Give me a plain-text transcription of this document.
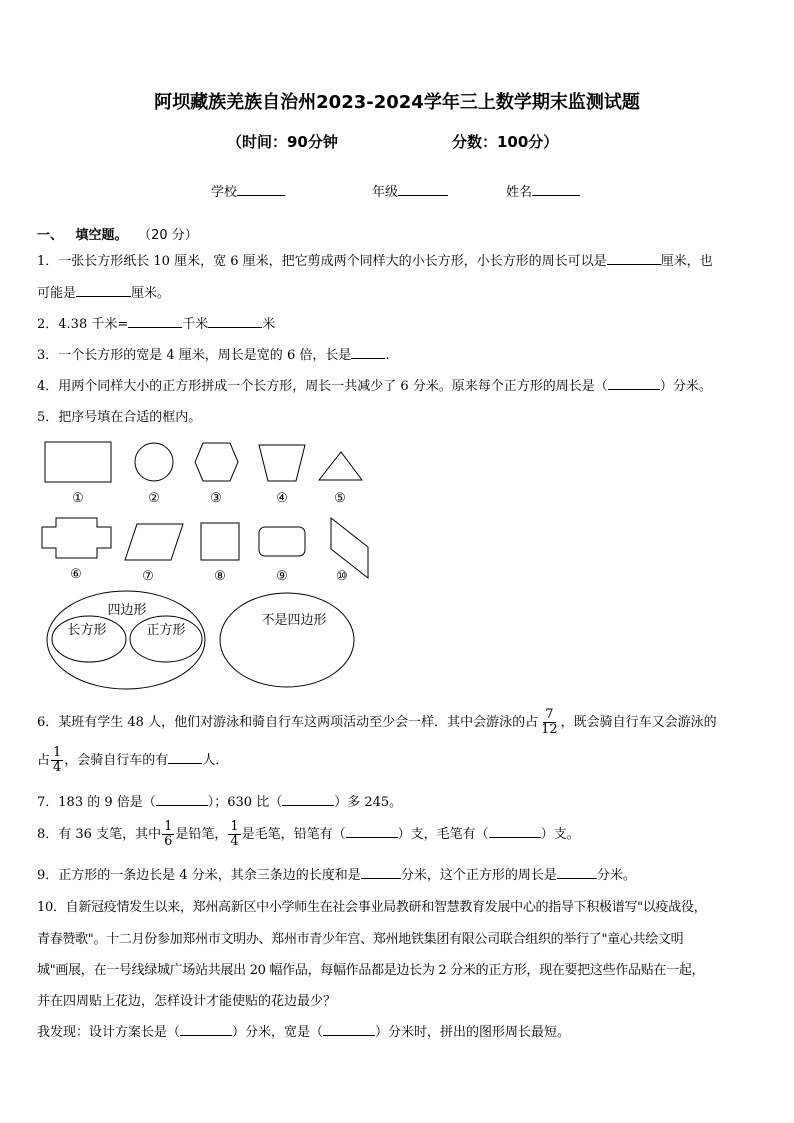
阿坝藏族羌族自治州2023-2024学年三上数学期末监测试题
（时间：90分钟	分数：100分）
学校	年级	姓名
一、 填空题。 （20 分）
1．一张长方形纸长 10 厘米，宽 6 厘米，把它剪成两个同样大的小长方形，小长方形的周长可以是	厘米，也
可能是	厘米。
2．4.38 千米=	千米	米
3．一个长方形的宽是 4 厘米，周长是宽的 6 倍，长是	.
4．用两个同样大小的正方形拼成一个长方形，周长一共减少了 6 分米。原来每个正方形的周长是（	）分米。
5．把序号填在合适的框内。
①	②	③	④	⑤
⑥	⑦	⑧	⑨	⑩
四边形
长方形	正方形
不是四边形
6．某班有学生 48 人，他们对游泳和骑自行车这两项活动至少会一样．其中会游泳的占 $\frac{7}{12}$ ，既会骑自行车又会游泳的
占 $\frac{1}{4}$ ，会骑自行车的有	人．
7．183 的 9 倍是（	）；630 比（	）多 245。
8．有 36 支笔，其中 $\frac{1}{6}$ 是铅笔， $\frac{1}{4}$ 是毛笔，铅笔有（	）支，毛笔有（	）支。
9．正方形的一条边长是 4 分米，其余三条边的长度和是	分米，这个正方形的周长是	分米。
10．自新冠疫情发生以来，郑州高新区中小学师生在社会事业局教研和智慧教育发展中心的指导下积极谱写"以疫战役，
青春赞歌"。十二月份参加郑州市文明办、郑州市青少年宫、郑州地铁集团有限公司联合组织的举行了"童心共绘文明
城"画展，在一号线绿城广场站共展出 20 幅作品，每幅作品都是边长为 2 分米的正方形，现在要把这些作品贴在一起，
并在四周贴上花边，怎样设计才能使贴的花边最少？
我发现：设计方案长是（	）分米，宽是（	）分米时，拼出的图形周长最短。
